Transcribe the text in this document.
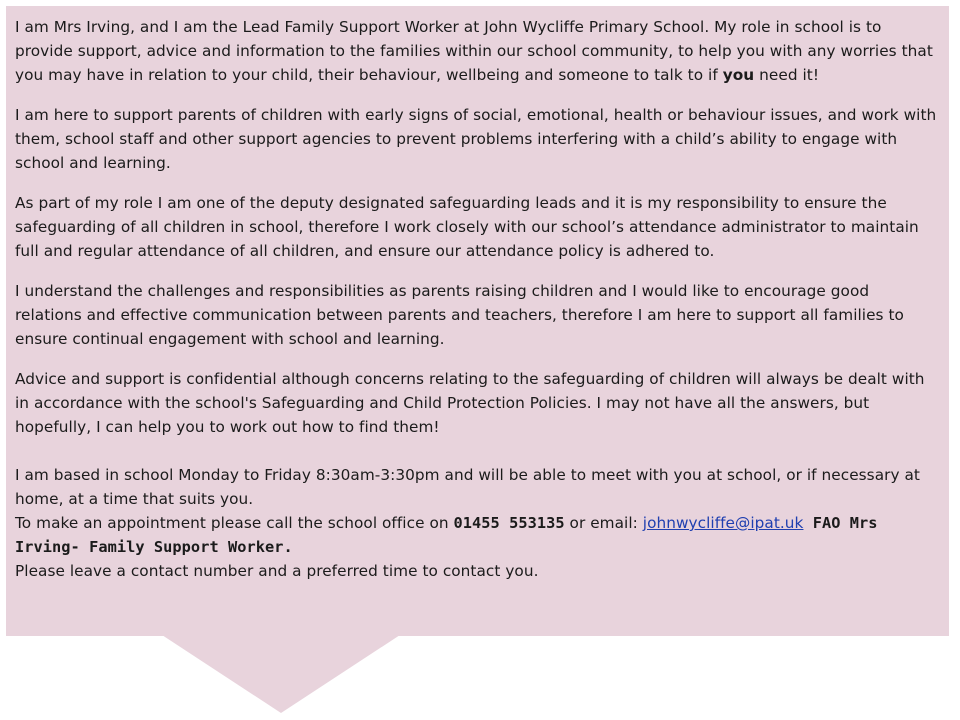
I am Mrs Irving, and I am the Lead Family Support Worker at John Wycliffe Primary School. My role in school is to provide support, advice and information to the families within our school community, to help you with any worries that you may have in relation to your child, their behaviour, wellbeing and someone to talk to if you need it!

I am here to support parents of children with early signs of social, emotional, health or behaviour issues, and work with them, school staff and other support agencies to prevent problems interfering with a child’s ability to engage with school and learning.

As part of my role I am one of the deputy designated safeguarding leads and it is my responsibility to ensure the safeguarding of all children in school, therefore I work closely with our school’s attendance administrator to maintain full and regular attendance of all children, and ensure our attendance policy is adhered to.

I understand the challenges and responsibilities as parents raising children and I would like to encourage good relations and effective communication between parents and teachers, therefore I am here to support all families to ensure continual engagement with school and learning.

Advice and support is confidential although concerns relating to the safeguarding of children will always be dealt with in accordance with the school's Safeguarding and Child Protection Policies. I may not have all the answers, but hopefully, I can help you to work out how to find them!

I am based in school Monday to Friday 8:30am-3:30pm and will be able to meet with you at school, or if necessary at home, at a time that suits you.

To make an appointment please call the school office on 01455 553135 or email: johnwycliffe@ipat.uk FAO Mrs Irving- Family Support Worker.

Please leave a contact number and a preferred time to contact you.
